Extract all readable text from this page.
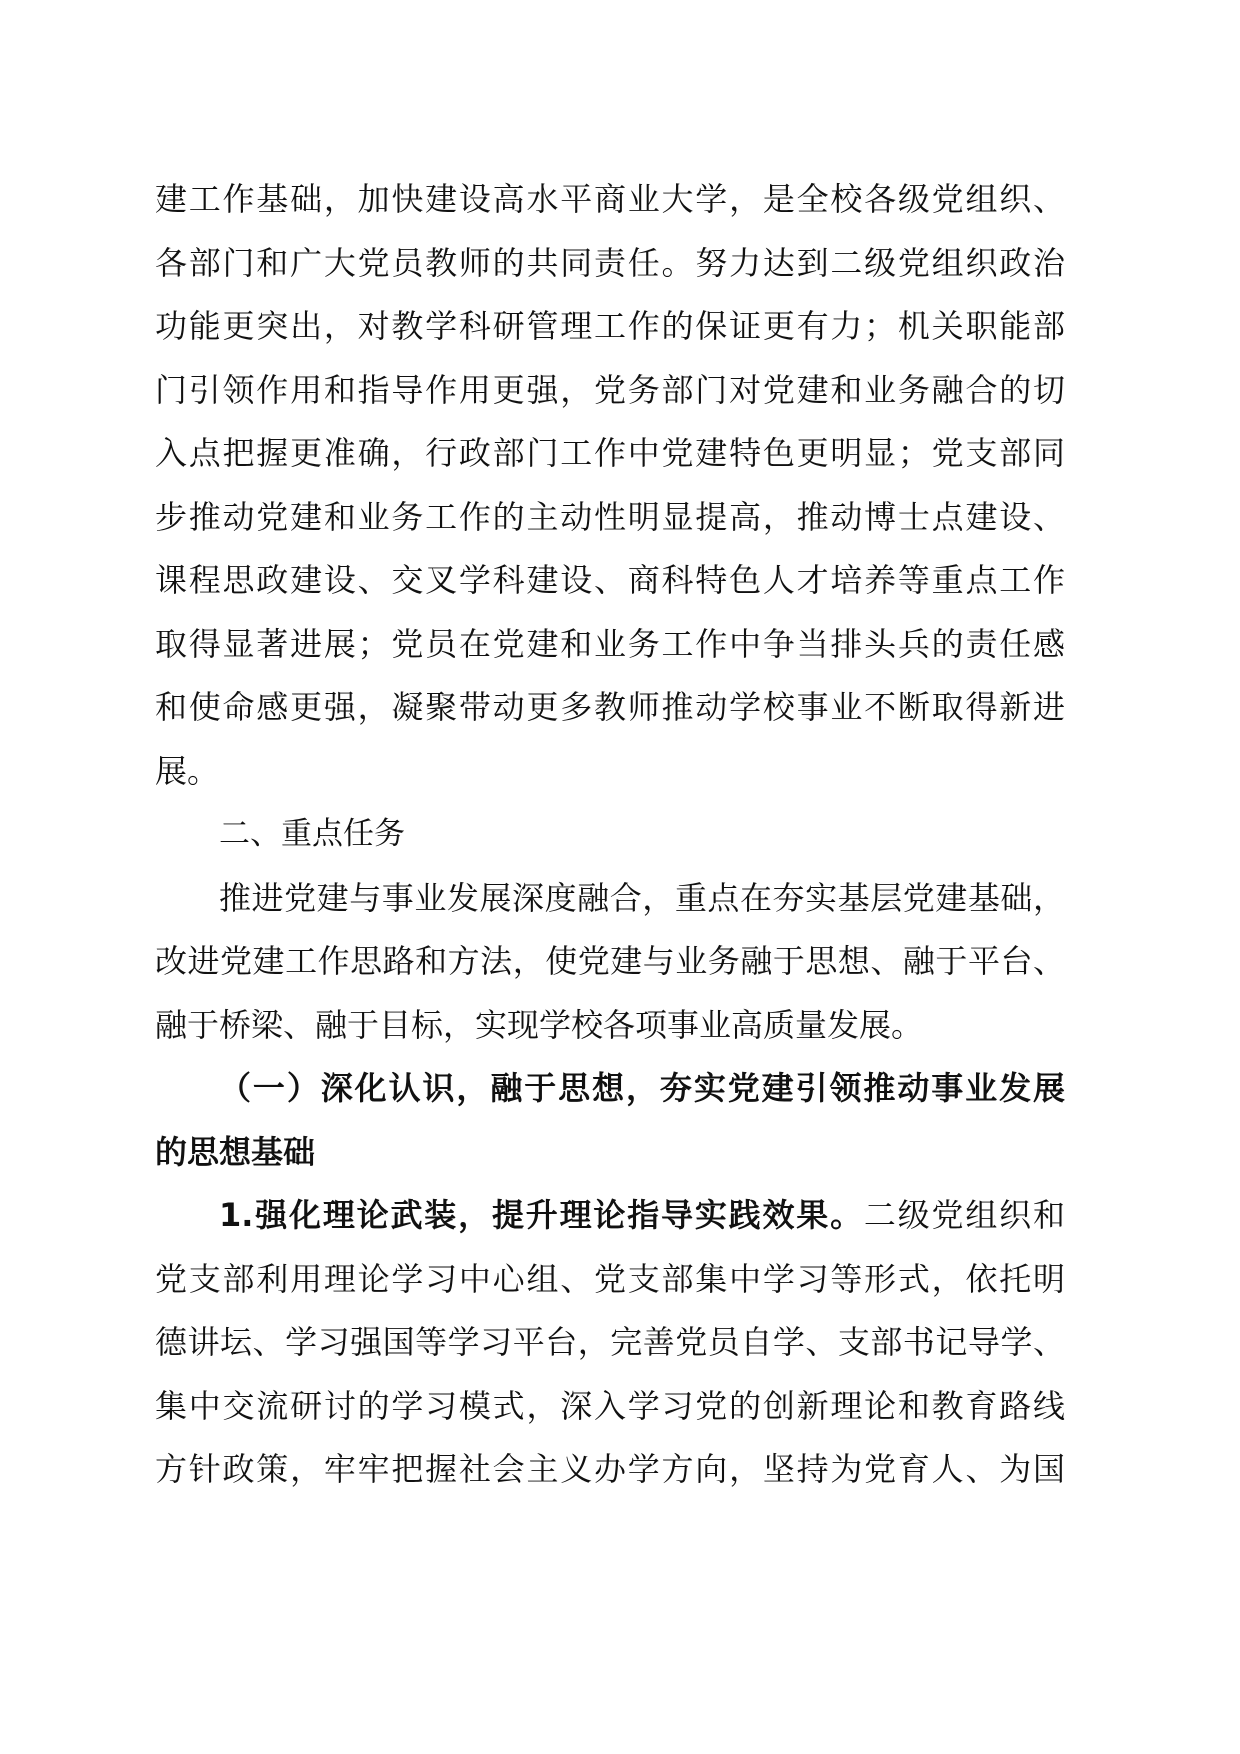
建工作基础，加快建设高水平商业大学，是全校各级党组织、
各部门和广大党员教师的共同责任。努力达到二级党组织政治
功能更突出，对教学科研管理工作的保证更有力；机关职能部
门引领作用和指导作用更强，党务部门对党建和业务融合的切
入点把握更准确，行政部门工作中党建特色更明显；党支部同
步推动党建和业务工作的主动性明显提高，推动博士点建设、
课程思政建设、交叉学科建设、商科特色人才培养等重点工作
取得显著进展；党员在党建和业务工作中争当排头兵的责任感
和使命感更强，凝聚带动更多教师推动学校事业不断取得新进
展。
二、重点任务
推进党建与事业发展深度融合，重点在夯实基层党建基础，
改进党建工作思路和方法，使党建与业务融于思想、融于平台、
融于桥梁、融于目标，实现学校各项事业高质量发展。
（一）深化认识，融于思想，夯实党建引领推动事业发展
的思想基础
1.强化理论武装，提升理论指导实践效果。二级党组织和
党支部利用理论学习中心组、党支部集中学习等形式，依托明
德讲坛、学习强国等学习平台，完善党员自学、支部书记导学、
集中交流研讨的学习模式，深入学习党的创新理论和教育路线
方针政策，牢牢把握社会主义办学方向，坚持为党育人、为国
